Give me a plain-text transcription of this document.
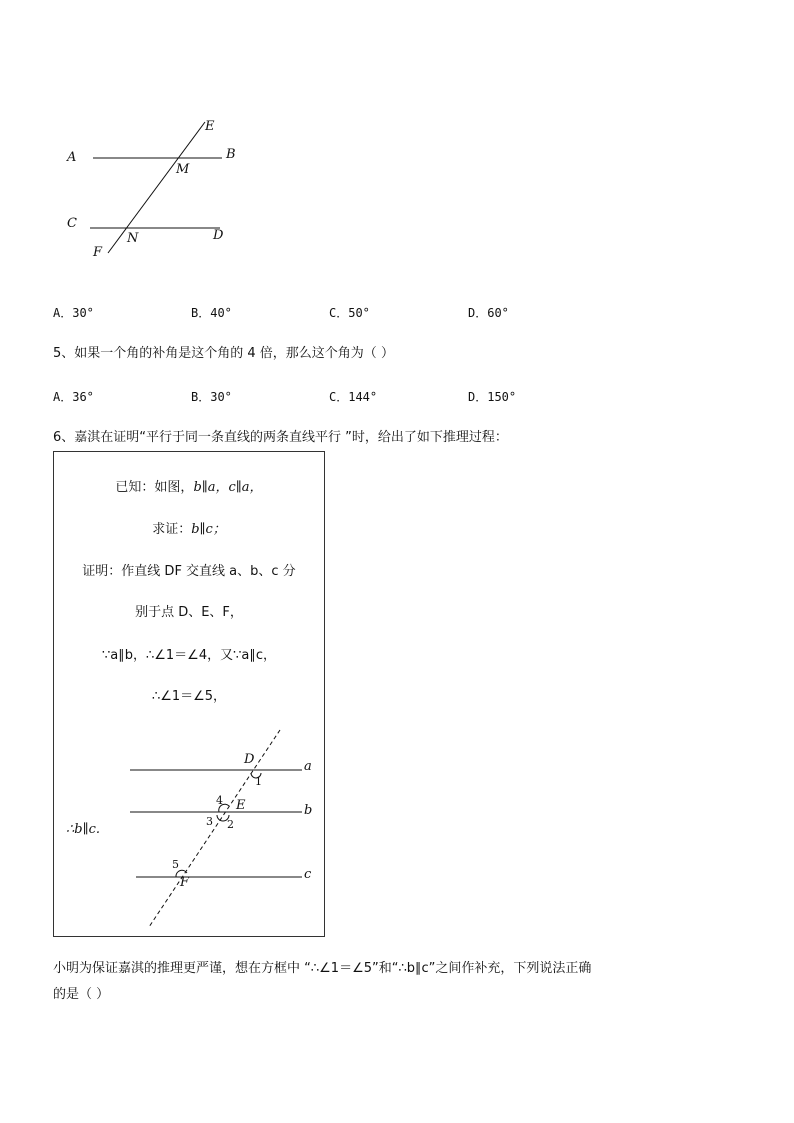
A	B
C
D
E
F
M
N
A．30°	B．40°	C．50°	D．60°
5、如果一个角的补角是这个角的 4 倍，那么这个角为（ ）
A．36°	B．30°	C．144°	D．150°
6、嘉淇在证明“平行于同一条直线的两条直线平行 ”时，给出了如下推理过程：
已知：如图，b∥a，c∥a，
求证：b∥c；
证明：作直线 DF 交直线 a、b、c 分
别于点 D、E、F，
∵a∥b，∴∠1＝∠4，又∵a∥c，
∴∠1＝∠5，
∴b∥c.
a
b
c
D
E
F
1
4
3 2
5
小明为保证嘉淇的推理更严谨，想在方框中 “∴∠1＝∠5”和“∴b∥c”之间作补充，下列说法正确
的是（ ）
